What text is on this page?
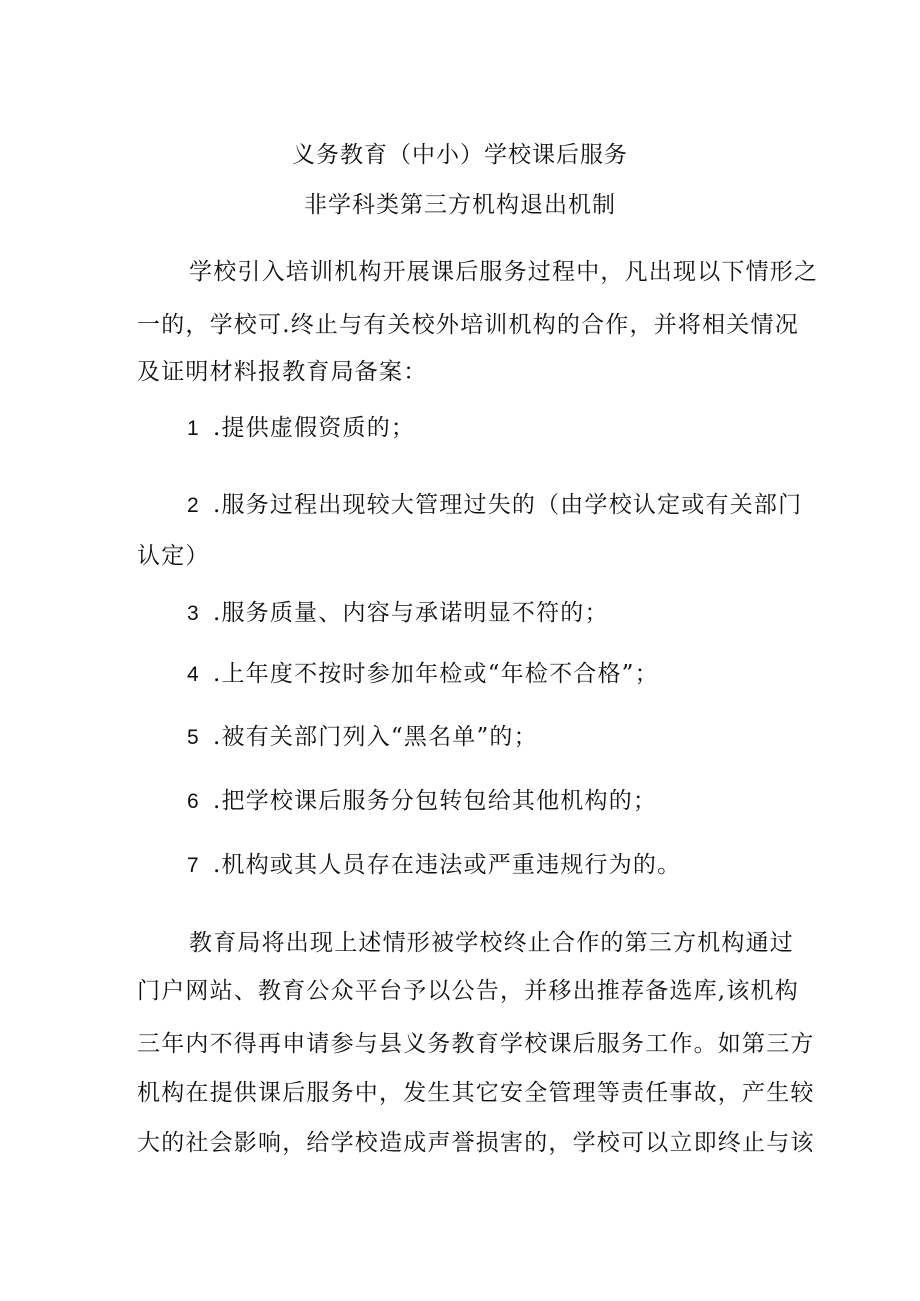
义务教育（中小）学校课后服务
非学科类第三方机构退出机制
学校引入培训机构开展课后服务过程中，凡出现以下情形之
一的，学校可.终止与有关校外培训机构的合作，并将相关情况
及证明材料报教育局备案：
1 .提供虚假资质的；
2 .服务过程出现较大管理过失的（由学校认定或有关部门
认定）
3 .服务质量、内容与承诺明显不符的；
4 .上年度不按时参加年检或“年检不合格”；
5 .被有关部门列入“黑名单”的；
6 .把学校课后服务分包转包给其他机构的；
7 .机构或其人员存在违法或严重违规行为的。
教育局将出现上述情形被学校终止合作的第三方机构通过
门户网站、教育公众平台予以公告，并移出推荐备选库,该机构
三年内不得再申请参与县义务教育学校课后服务工作。如第三方
机构在提供课后服务中，发生其它安全管理等责任事故，产生较
大的社会影响，给学校造成声誉损害的，学校可以立即终止与该
